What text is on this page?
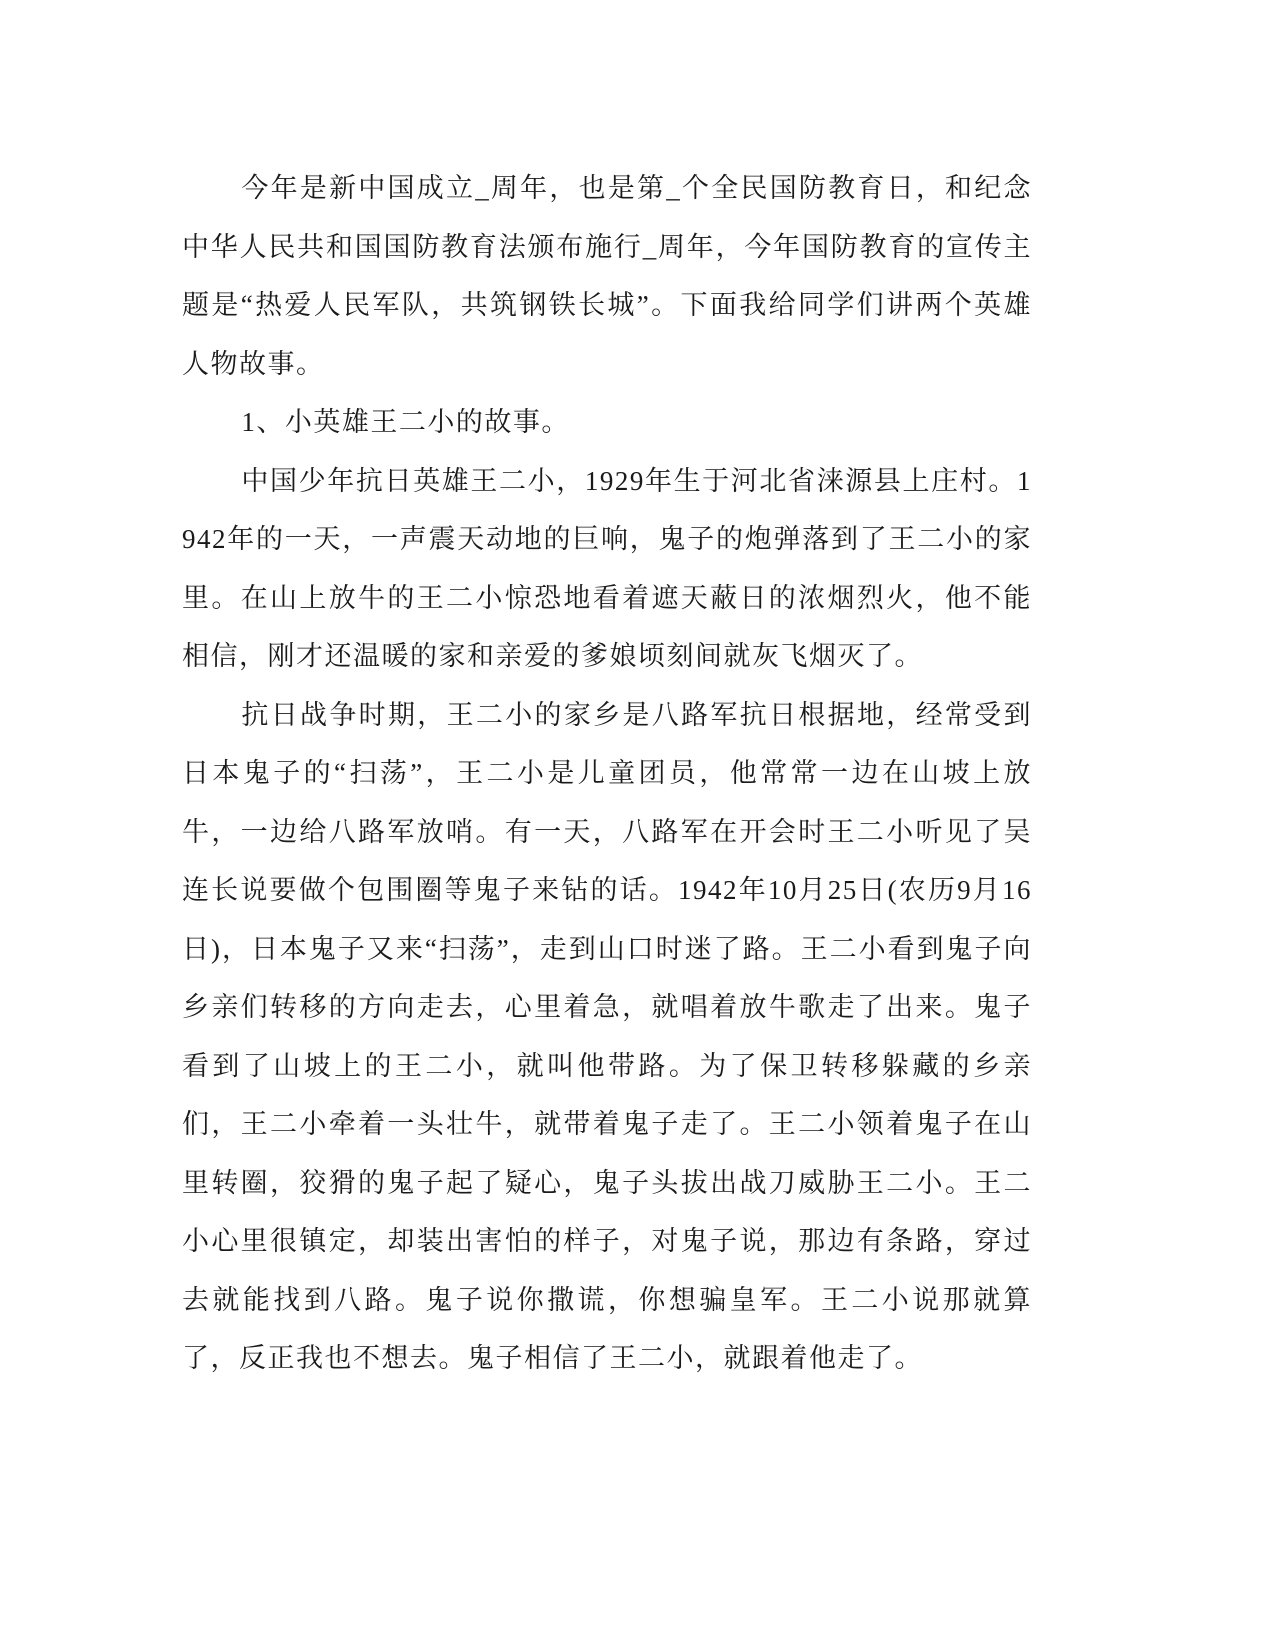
今年是新中国成立_周年，也是第_个全民国防教育日，和纪念中华人民共和国国防教育法颁布施行_周年，今年国防教育的宣传主题是“热爱人民军队，共筑钢铁长城”。下面我给同学们讲两个英雄人物故事。

1、小英雄王二小的故事。

中国少年抗日英雄王二小，1929年生于河北省涞源县上庄村。1942年的一天，一声震天动地的巨响，鬼子的炮弹落到了王二小的家里。在山上放牛的王二小惊恐地看着遮天蔽日的浓烟烈火，他不能相信，刚才还温暖的家和亲爱的爹娘顷刻间就灰飞烟灭了。

抗日战争时期，王二小的家乡是八路军抗日根据地，经常受到日本鬼子的“扫荡”，王二小是儿童团员，他常常一边在山坡上放牛，一边给八路军放哨。有一天，八路军在开会时王二小听见了吴连长说要做个包围圈等鬼子来钻的话。1942年10月25日(农历9月16日)，日本鬼子又来“扫荡”，走到山口时迷了路。王二小看到鬼子向乡亲们转移的方向走去，心里着急，就唱着放牛歌走了出来。鬼子看到了山坡上的王二小，就叫他带路。为了保卫转移躲藏的乡亲们，王二小牵着一头壮牛，就带着鬼子走了。王二小领着鬼子在山里转圈，狡猾的鬼子起了疑心，鬼子头拔出战刀威胁王二小。王二小心里很镇定，却装出害怕的样子，对鬼子说，那边有条路，穿过去就能找到八路。鬼子说你撒谎，你想骗皇军。王二小说那就算了，反正我也不想去。鬼子相信了王二小，就跟着他走了。
